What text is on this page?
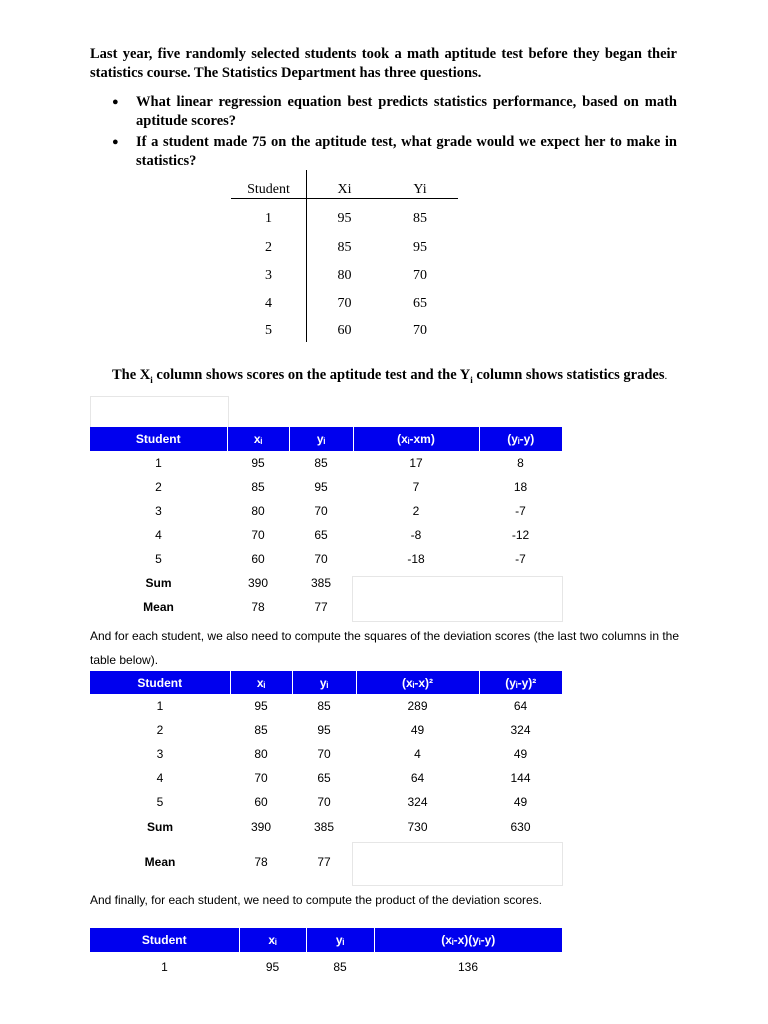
Last year, five randomly selected students took a math aptitude test before they began their statistics course. The Statistics Department has three questions.
● What linear regression equation best predicts statistics performance, based on math aptitude scores?
● If a student made 75 on the aptitude test, what grade would we expect her to make in statistics?
Student	Xi	Yi
1	95	85
2	85	95
3	80	70
4	70	65
5	60	70
The $X_i$ column shows scores on the aptitude test and the $Y_i$ column shows statistics grades.
Student	xᵢ	yᵢ	(xᵢ-xm)	(yᵢ-y)
1	95	85	17	8
2	85	95	7	18
3	80	70	2	-7
4	70	65	-8	-12
5	60	70	-18	-7
Sum	390	385		
Mean	78	77		
And for each student, we also need to compute the squares of the deviation scores (the last two columns in the table below).
Student	xᵢ	yᵢ	(xᵢ-x)²	(yᵢ-y)²
1	95	85	289	64
2	85	95	49	324
3	80	70	4	49
4	70	65	64	144
5	60	70	324	49
Sum	390	385	730	630
Mean	78	77		
And finally, for each student, we need to compute the product of the deviation scores.
Student	xᵢ	yᵢ	(xᵢ-x)(yᵢ-y)
1	95	85	136
